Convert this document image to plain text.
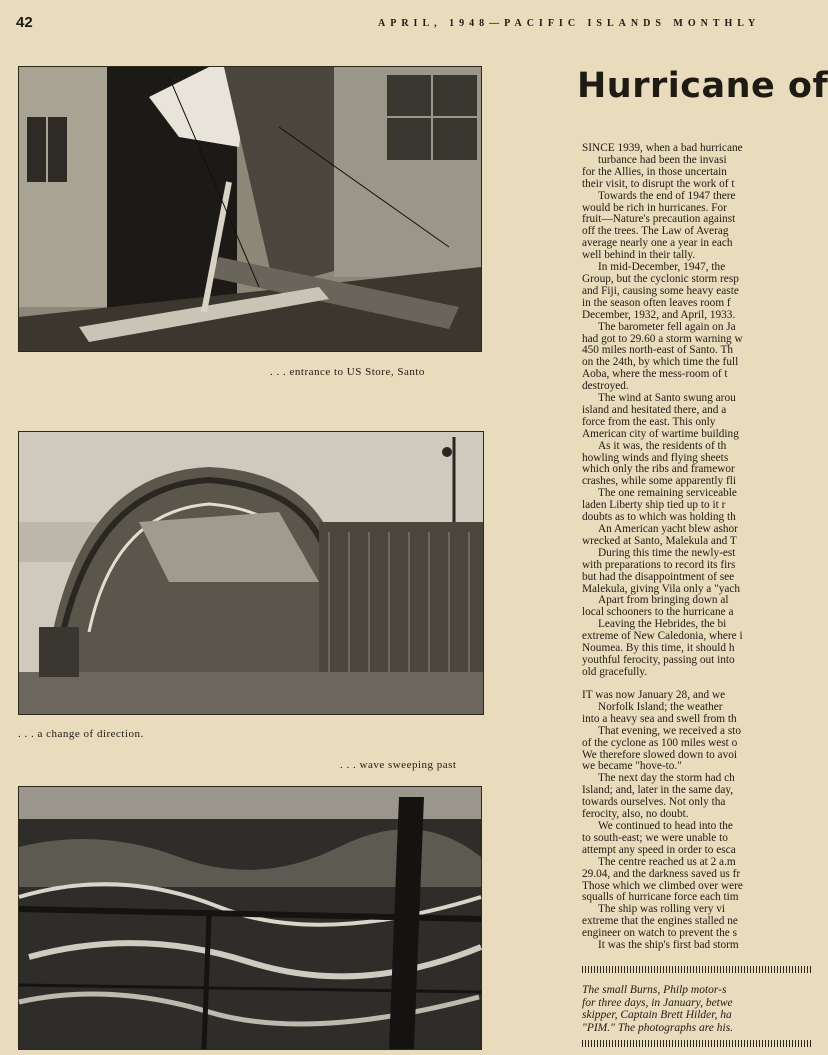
42	APRIL, 1948—PACIFIC ISLANDS MONTHLY
. . . entrance to US Store, Santo
. . . a change of direction.
. . . wave sweeping past
Hurricane of

SINCE 1939, when a bad hurricane

turbance had been the invasi

for the Allies, in those uncertain

their visit, to disrupt the work of t

Towards the end of 1947 there

would be rich in hurricanes. For

fruit—Nature's precaution against

off the trees. The Law of Averag

average nearly one a year in each

well behind in their tally.

In mid-December, 1947, the

Group, but the cyclonic storm resp

and Fiji, causing some heavy easte

in the season often leaves room f

December, 1932, and April, 1933.

The barometer fell again on Ja

had got to 29.60 a storm warning w

450 miles north-east of Santo. Th

on the 24th, by which time the full

Aoba, where the mess-room of t

destroyed.

The wind at Santo swung arou

island and hesitated there, and a

force from the east. This only

American city of wartime building

As it was, the residents of th

howling winds and flying sheets

which only the ribs and framewor

crashes, while some apparently fli

The one remaining serviceable

laden Liberty ship tied up to it r

doubts as to which was holding th

An American yacht blew ashor

wrecked at Santo, Malekula and T

During this time the newly-est

with preparations to record its firs

but had the disappointment of see

Malekula, giving Vila only a "yach

Apart from bringing down al

local schooners to the hurricane a

Leaving the Hebrides, the bi

extreme of New Caledonia, where i

Noumea. By this time, it should h

youthful ferocity, passing out into

old gracefully.

IT was now January 28, and we

Norfolk Island; the weather

into a heavy sea and swell from th

That evening, we received a sto

of the cyclone as 100 miles west o

We therefore slowed down to avoi

we became "hove-to."

The next day the storm had ch

Island; and, later in the same day,

towards ourselves. Not only tha

ferocity, also, no doubt.

We continued to head into the

to south-east; we were unable to

attempt any speed in order to esca

The centre reached us at 2 a.m

29.04, and the darkness saved us fr

Those which we climbed over were

squalls of hurricane force each tim

The ship was rolling very vi

extreme that the engines stalled ne

engineer on watch to prevent the s

It was the ship's first bad storm

The small Burns, Philp motor-s
for three days, in January, betwe
skipper, Captain Brett Hilder, ha
"PIM." The photographs are his.
